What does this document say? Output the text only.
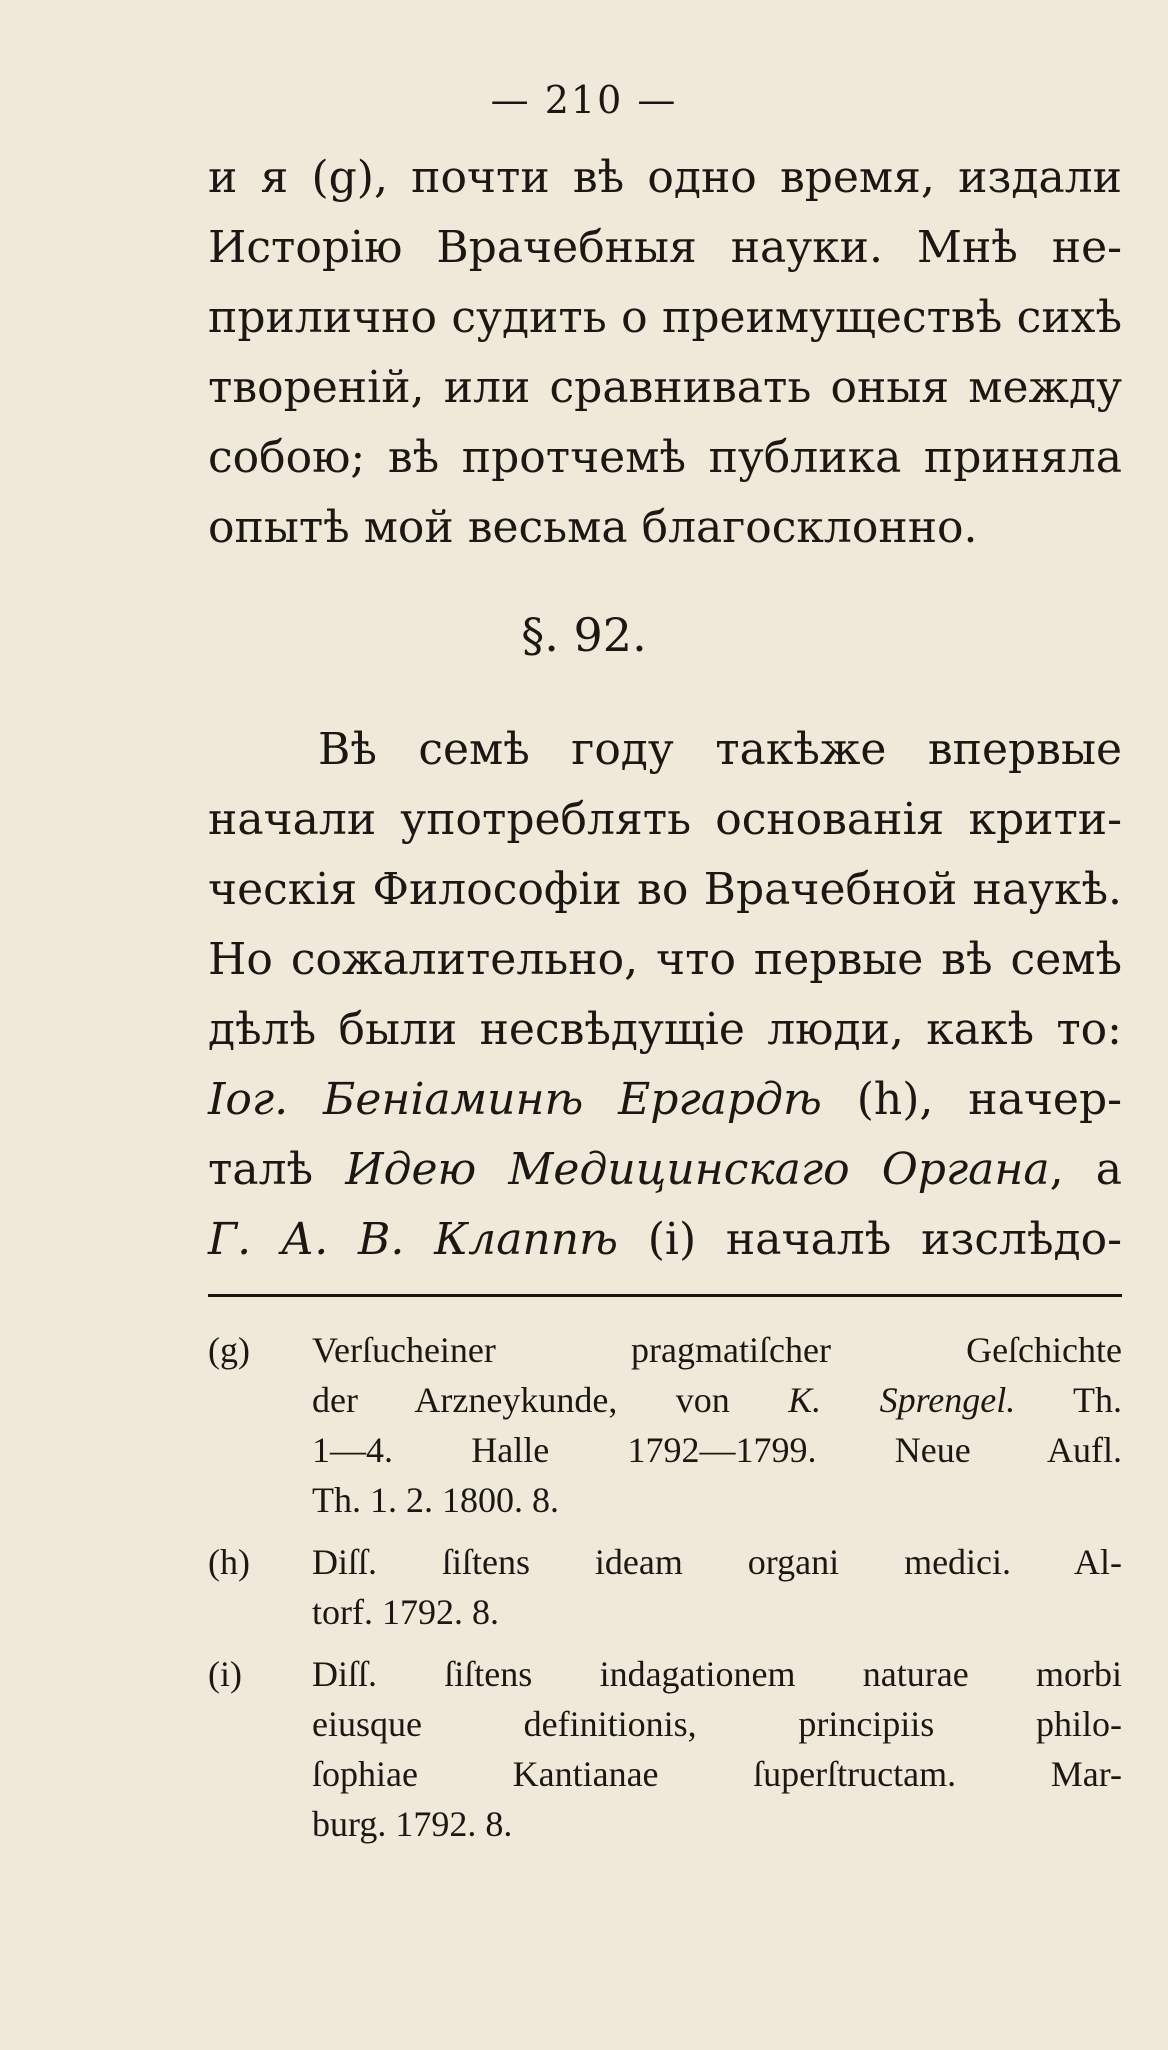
— 210 —
и я (g), почти вѣ одно время, издали
Исторію Врачебныя науки. Мнѣ не-
прилично судить о преимуществѣ сихѣ
твореній, или сравнивать оныя между
собою; вѣ протчемѣ публика приняла
опытѣ мой весьма благосклонно.
§. 92.
Вѣ семѣ году такѣже впервые
начали употреблять основанія крити-
ческія Философіи во Врачебной наукѣ.
Но сожалительно, что первые вѣ семѣ
дѣлѣ были несвѣдущіе люди, какѣ то:
Іог. Беніаминѣ Ергардѣ (h), начер-
талѣ Идею Медицинскаго Органа, а
Г. А. В. Клаппѣ (i) началѣ изслѣдо-
(g) Verſucheiner pragmatiſcher Geſchichte
der Arzneykunde, von K. Sprengel. Th.
1—4. Halle 1792—1799. Neue Aufl.
Th. 1. 2. 1800. 8.
(h) Diſſ. ſiſtens ideam organi medici. Al-
torf. 1792. 8.
(i) Diſſ. ſiſtens indagationem naturae morbi
eiusque definitionis, principiis philo-
ſophiae Kantianae ſuperſtructam. Mar-
burg. 1792. 8.
